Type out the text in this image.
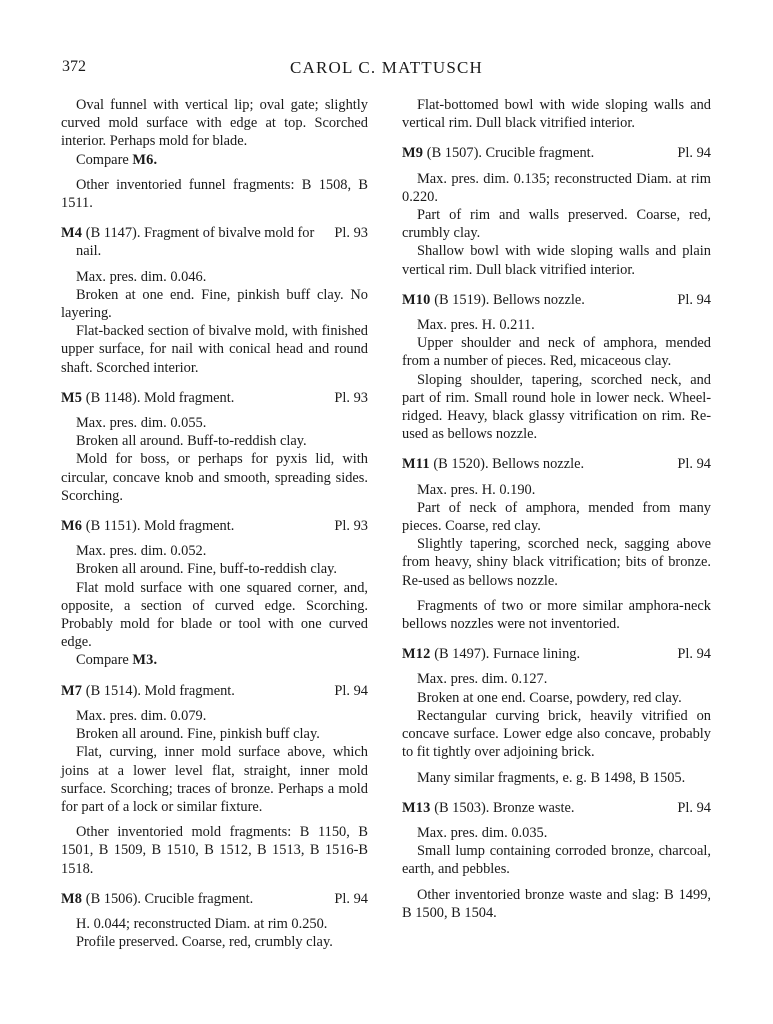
372	CAROL C. MATTUSCH

Oval funnel with vertical lip; oval gate; slightly curved mold surface with edge at top. Scorched interior. Perhaps mold for blade.

Compare M6.

Other inventoried funnel fragments: B 1508, B 1511.

M4 (B 1147). Fragment of bivalve mold for nail.
Pl. 93

Max. pres. dim. 0.046.

Broken at one end. Fine, pinkish buff clay. No layering.

Flat-backed section of bivalve mold, with finished upper surface, for nail with conical head and round shaft. Scorched interior.

M5 (B 1148). Mold fragment.	Pl. 93

Max. pres. dim. 0.055.

Broken all around. Buff-to-reddish clay.

Mold for boss, or perhaps for pyxis lid, with circular, concave knob and smooth, spreading sides. Scorching.

M6 (B 1151). Mold fragment.	Pl. 93

Max. pres. dim. 0.052.

Broken all around. Fine, buff-to-reddish clay.

Flat mold surface with one squared corner, and, opposite, a section of curved edge. Scorching. Probably mold for blade or tool with one curved edge.

Compare M3.

M7 (B 1514). Mold fragment.	Pl. 94

Max. pres. dim. 0.079.

Broken all around. Fine, pinkish buff clay.

Flat, curving, inner mold surface above, which joins at a lower level flat, straight, inner mold surface. Scorching; traces of bronze. Perhaps a mold for part of a lock or similar fixture.

Other inventoried mold fragments: B 1150, B 1501, B 1509, B 1510, B 1512, B 1513, B 1516-B 1518.

M8 (B 1506). Crucible fragment.	Pl. 94

H. 0.044; reconstructed Diam. at rim 0.250.

Profile preserved. Coarse, red, crumbly clay.

Flat-bottomed bowl with wide sloping walls and vertical rim. Dull black vitrified interior.

M9 (B 1507). Crucible fragment.	Pl. 94

Max. pres. dim. 0.135; reconstructed Diam. at rim 0.220.

Part of rim and walls preserved. Coarse, red, crumbly clay.

Shallow bowl with wide sloping walls and plain vertical rim. Dull black vitrified interior.

M10 (B 1519). Bellows nozzle.	Pl. 94

Max. pres. H. 0.211.

Upper shoulder and neck of amphora, mended from a number of pieces. Red, micaceous clay.

Sloping shoulder, tapering, scorched neck, and part of rim. Small round hole in lower neck. Wheel-ridged. Heavy, black glassy vitrification on rim. Re-used as bellows nozzle.

M11 (B 1520). Bellows nozzle.	Pl. 94

Max. pres. H. 0.190.

Part of neck of amphora, mended from many pieces. Coarse, red clay.

Slightly tapering, scorched neck, sagging above from heavy, shiny black vitrification; bits of bronze. Re-used as bellows nozzle.

Fragments of two or more similar amphora-neck bellows nozzles were not inventoried.

M12 (B 1497). Furnace lining.	Pl. 94

Max. pres. dim. 0.127.

Broken at one end. Coarse, powdery, red clay.

Rectangular curving brick, heavily vitrified on concave surface. Lower edge also concave, probably to fit tightly over adjoining brick.

Many similar fragments, e. g. B 1498, B 1505.

M13 (B 1503). Bronze waste.	Pl. 94

Max. pres. dim. 0.035.

Small lump containing corroded bronze, charcoal, earth, and pebbles.

Other inventoried bronze waste and slag: B 1499, B 1500, B 1504.
